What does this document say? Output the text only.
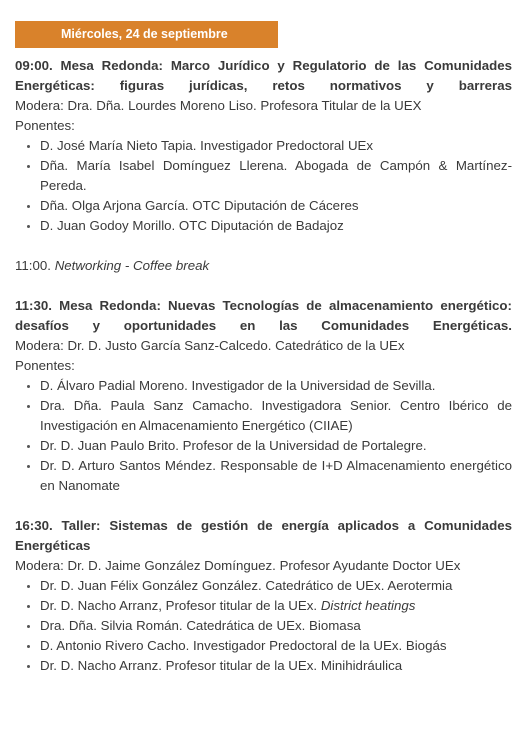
Miércoles, 24 de septiembre

09:00. Mesa Redonda: Marco Jurídico y Regulatorio de las Comunidades Energéticas: figuras jurídicas, retos normativos y barreras

Modera: Dra. Dña. Lourdes Moreno Liso. Profesora Titular de la UEX

Ponentes:

D. José María Nieto Tapia. Investigador Predoctoral UEx
Dña. María Isabel Domínguez Llerena. Abogada de Campón & Martínez-Pereda.
Dña. Olga Arjona García. OTC Diputación de Cáceres
D. Juan Godoy Morillo. OTC Diputación de Badajoz

11:00. Networking - Coffee break

11:30. Mesa Redonda: Nuevas Tecnologías de almacenamiento energético: desafíos y oportunidades en las Comunidades Energéticas.

Modera: Dr. D. Justo García Sanz-Calcedo. Catedrático de la UEx

Ponentes:

D. Álvaro Padial Moreno. Investigador de la Universidad de Sevilla.
Dra. Dña. Paula Sanz Camacho. Investigadora Senior. Centro Ibérico de Investigación en Almacenamiento Energético (CIIAE)
Dr. D. Juan Paulo Brito. Profesor de la Universidad de Portalegre.
Dr. D. Arturo Santos Méndez. Responsable de I+D Almacenamiento energético en Nanomate

16:30. Taller: Sistemas de gestión de energía aplicados a Comunidades Energéticas

Modera: Dr. D. Jaime González Domínguez. Profesor Ayudante Doctor UEx

Dr. D. Juan Félix González González. Catedrático de UEx. Aerotermia
Dr. D. Nacho Arranz, Profesor titular de la UEx. District heatings
Dra. Dña. Silvia Román. Catedrática de UEx. Biomasa
D. Antonio Rivero Cacho. Investigador Predoctoral de la UEx. Biogás
Dr. D. Nacho Arranz. Profesor titular de la UEx. Minihidráulica
